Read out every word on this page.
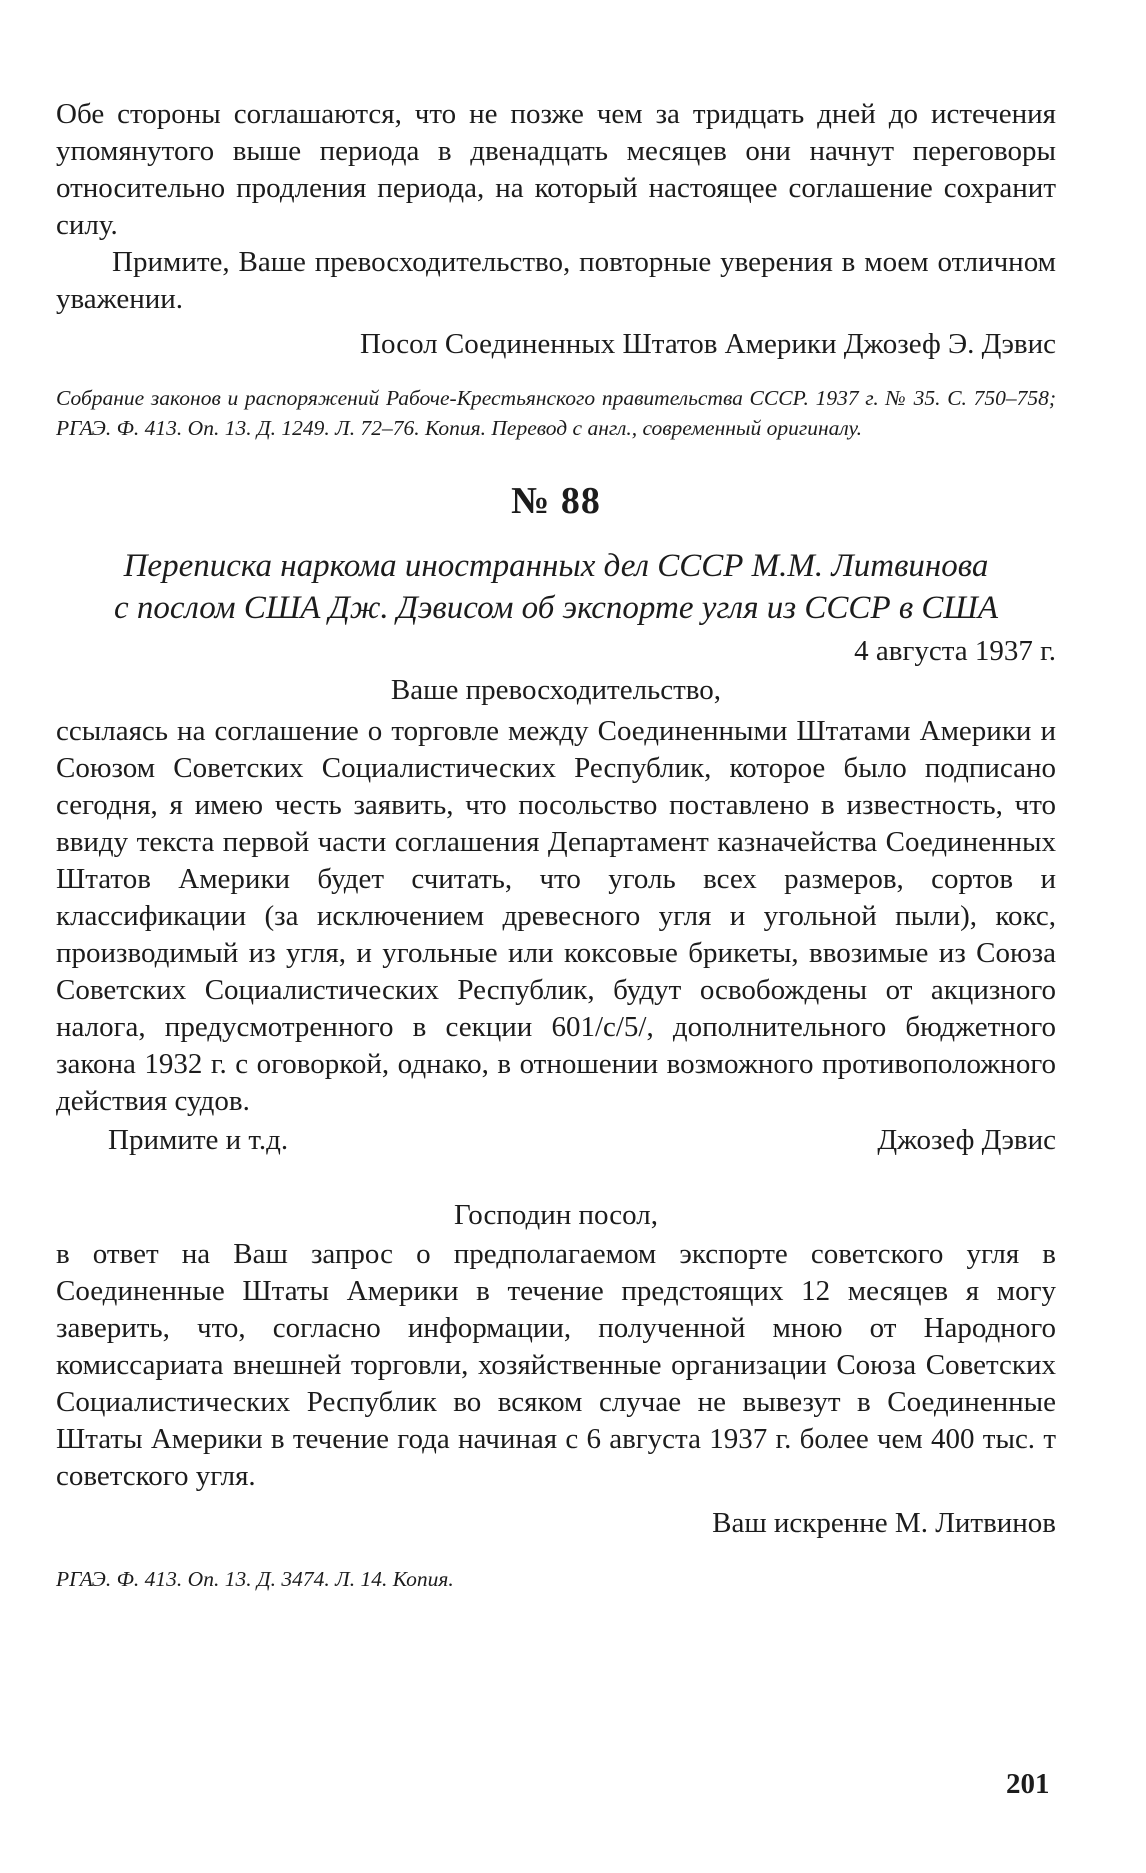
Обе стороны соглашаются, что не позже чем за тридцать дней до истечения упомянутого выше периода в двенадцать месяцев они начнут переговоры относительно продления периода, на который настоящее соглашение сохранит силу.

Примите, Ваше превосходительство, повторные уверения в моем отличном уважении.

Посол Соединенных Штатов Америки Джозеф Э. Дэвис

Собрание законов и распоряжений Рабоче-Крестьянского правительства СССР. 1937 г. № 35. С. 750–758; РГАЭ. Ф. 413. Оп. 13. Д. 1249. Л. 72–76. Копия. Перевод с англ., современный оригиналу.

№ 88

Переписка наркома иностранных дел СССР М.М. Литвинова

с послом США Дж. Дэвисом об экспорте угля из СССР в США

4 августа 1937 г.

Ваше превосходительство,

ссылаясь на соглашение о торговле между Соединенными Штатами Америки и Союзом Советских Социалистических Республик, которое было подписано сегодня, я имею честь заявить, что посольство поставлено в известность, что ввиду текста первой части соглашения Департамент казначейства Соединенных Штатов Америки будет считать, что уголь всех размеров, сортов и классификации (за исключением древесного угля и угольной пыли), кокс, производимый из угля, и угольные или коксовые брикеты, ввозимые из Союза Советских Социалистических Республик, будут освобождены от акцизного налога, предусмотренного в секции 601/с/5/, дополнительного бюджетного закона 1932 г. с оговоркой, однако, в отношении возможного противоположного действия судов.

Примите и т.д.	Джозеф Дэвис

Господин посол,

в ответ на Ваш запрос о предполагаемом экспорте советского угля в Соединенные Штаты Америки в течение предстоящих 12 месяцев я могу заверить, что, согласно информации, полученной мною от Народного комиссариата внешней торговли, хозяйственные организации Союза Советских Социалистических Республик во всяком случае не вывезут в Соединенные Штаты Америки в течение года начиная с 6 августа 1937 г. более чем 400 тыс. т советского угля.

Ваш искренне М. Литвинов

РГАЭ. Ф. 413. Оп. 13. Д. 3474. Л. 14. Копия.

201
